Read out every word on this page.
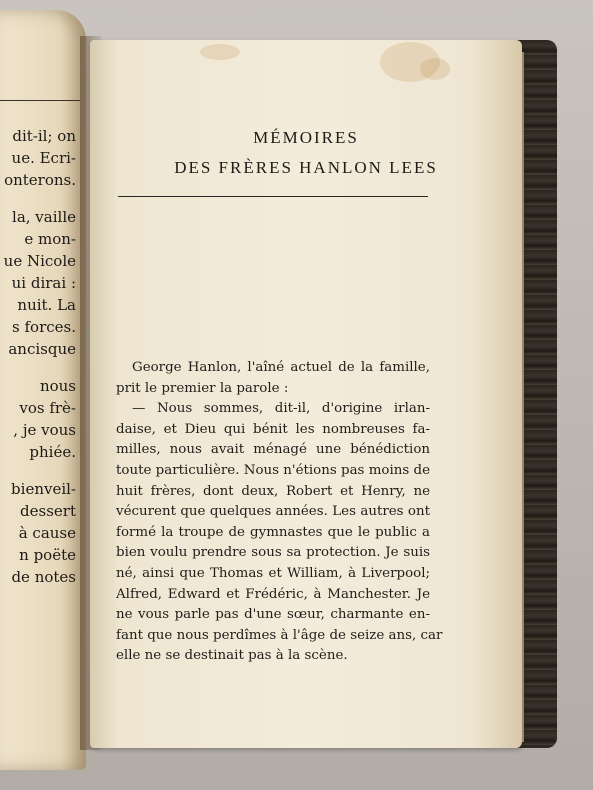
dit-il; on
ue. Ecri-
onterons.
la, vaille
e mon-
ue Nicole
ui dirai :
nuit. La
s forces.
ancisque
nous
vos frè-
, je vous
phiée.
bienveil-
dessert
à cause
n poëte
de notes
MÉMOIRES
DES FRÈRES HANLON LEES
George Hanlon, l'aîné actuel de la famille,
prit le premier la parole :
— Nous sommes, dit-il, d'origine irlan-
daise, et Dieu qui bénit les nombreuses fa-
milles, nous avait ménagé une bénédiction
toute particulière. Nous n'étions pas moins de
huit frères, dont deux, Robert et Henry, ne
vécurent que quelques années. Les autres ont
formé la troupe de gymnastes que le public a
bien voulu prendre sous sa protection. Je suis
né, ainsi que Thomas et William, à Liverpool;
Alfred, Edward et Frédéric, à Manchester. Je
ne vous parle pas d'une sœur, charmante en-
fant que nous perdîmes à l'âge de seize ans, car
elle ne se destinait pas à la scène.
